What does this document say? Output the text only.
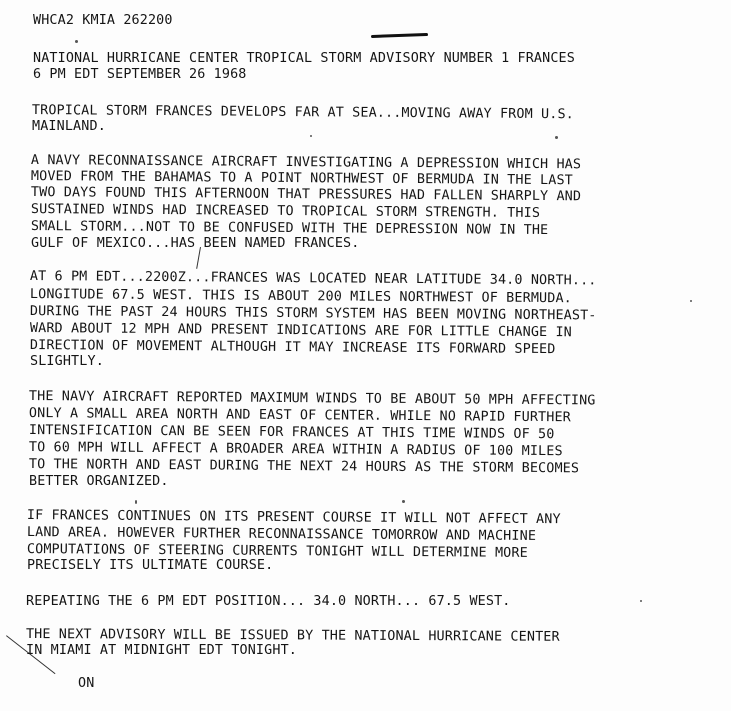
WHCA2 KMIA 262200
NATIONAL HURRICANE CENTER TROPICAL STORM ADVISORY NUMBER 1 FRANCES
6 PM EDT SEPTEMBER 26 1968
TROPICAL STORM FRANCES DEVELOPS FAR AT SEA...MOVING AWAY FROM U.S.
MAINLAND.
A NAVY RECONNAISSANCE AIRCRAFT INVESTIGATING A DEPRESSION WHICH HAS
MOVED FROM THE BAHAMAS TO A POINT NORTHWEST OF BERMUDA IN THE LAST
TWO DAYS FOUND THIS AFTERNOON THAT PRESSURES HAD FALLEN SHARPLY AND
SUSTAINED WINDS HAD INCREASED TO TROPICAL STORM STRENGTH. THIS
SMALL STORM...NOT TO BE CONFUSED WITH THE DEPRESSION NOW IN THE
GULF OF MEXICO...HAS BEEN NAMED FRANCES.
AT 6 PM EDT...2200Z...FRANCES WAS LOCATED NEAR LATITUDE 34.0 NORTH...
LONGITUDE 67.5 WEST. THIS IS ABOUT 200 MILES NORTHWEST OF BERMUDA.
DURING THE PAST 24 HOURS THIS STORM SYSTEM HAS BEEN MOVING NORTHEAST-
WARD ABOUT 12 MPH AND PRESENT INDICATIONS ARE FOR LITTLE CHANGE IN
DIRECTION OF MOVEMENT ALTHOUGH IT MAY INCREASE ITS FORWARD SPEED
SLIGHTLY.
THE NAVY AIRCRAFT REPORTED MAXIMUM WINDS TO BE ABOUT 50 MPH AFFECTING
ONLY A SMALL AREA NORTH AND EAST OF CENTER. WHILE NO RAPID FURTHER
INTENSIFICATION CAN BE SEEN FOR FRANCES AT THIS TIME WINDS OF 50
TO 60 MPH WILL AFFECT A BROADER AREA WITHIN A RADIUS OF 100 MILES
TO THE NORTH AND EAST DURING THE NEXT 24 HOURS AS THE STORM BECOMES
BETTER ORGANIZED.
IF FRANCES CONTINUES ON ITS PRESENT COURSE IT WILL NOT AFFECT ANY
LAND AREA. HOWEVER FURTHER RECONNAISSANCE TOMORROW AND MACHINE
COMPUTATIONS OF STEERING CURRENTS TONIGHT WILL DETERMINE MORE
PRECISELY ITS ULTIMATE COURSE.
REPEATING THE 6 PM EDT POSITION... 34.0 NORTH... 67.5 WEST.
THE NEXT ADVISORY WILL BE ISSUED BY THE NATIONAL HURRICANE CENTER
IN MIAMI AT MIDNIGHT EDT TONIGHT.
ON
